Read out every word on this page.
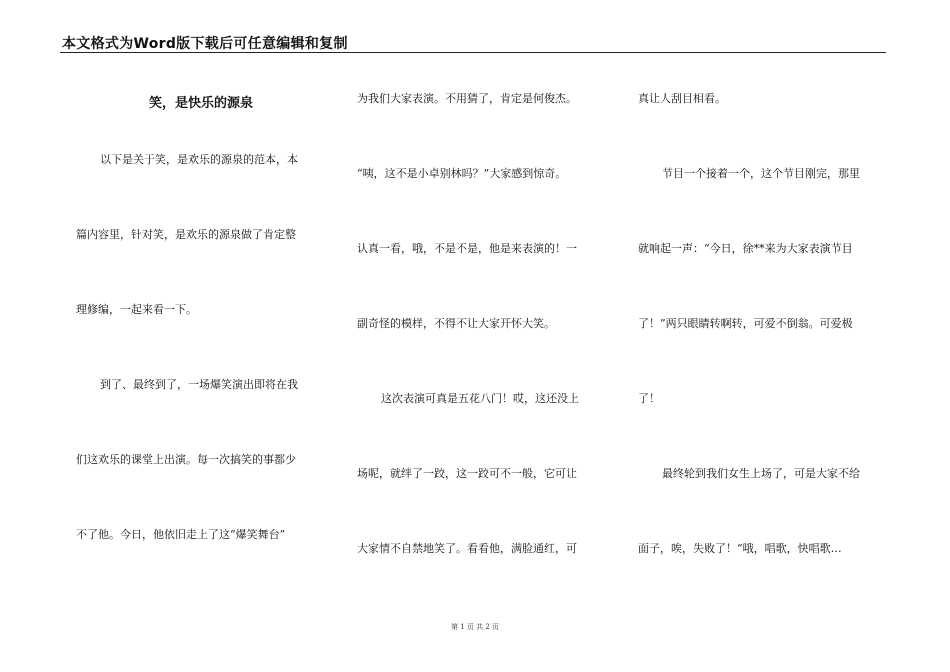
本文格式为Word版下载后可任意编辑和复制
笑，是快乐的源泉
以下是关于笑，是欢乐的源泉的范本，本
篇内容里，针对笑，是欢乐的源泉做了肯定整
理修编，一起来看一下。
到了、最终到了，一场爆笑演出即将在我
们这欢乐的课堂上出演。每一次搞笑的事都少
不了他。今日，他依旧走上了这“爆笑舞台”
为我们大家表演。不用猜了，肯定是何俊杰。
“咦，这不是小卓别林吗？”大家感到惊奇。
认真一看，哦，不是不是，他是来表演的！一
副奇怪的模样，不得不让大家开怀大笑。
这次表演可真是五花八门！哎，这还没上
场呢，就绊了一跤，这一跤可不一般，它可让
大家情不自禁地笑了。看看他，满脸通红，可
真让人刮目相看。
节目一个接着一个，这个节目刚完，那里
就响起一声：“今日，徐**来为大家表演节目
了！”两只眼睛转啊转，可爱不倒翁。可爱极
了！
最终轮到我们女生上场了，可是大家不给
面子，唉，失败了！“哦，唱歌，快唱歌…
第 1 页 共 2 页
